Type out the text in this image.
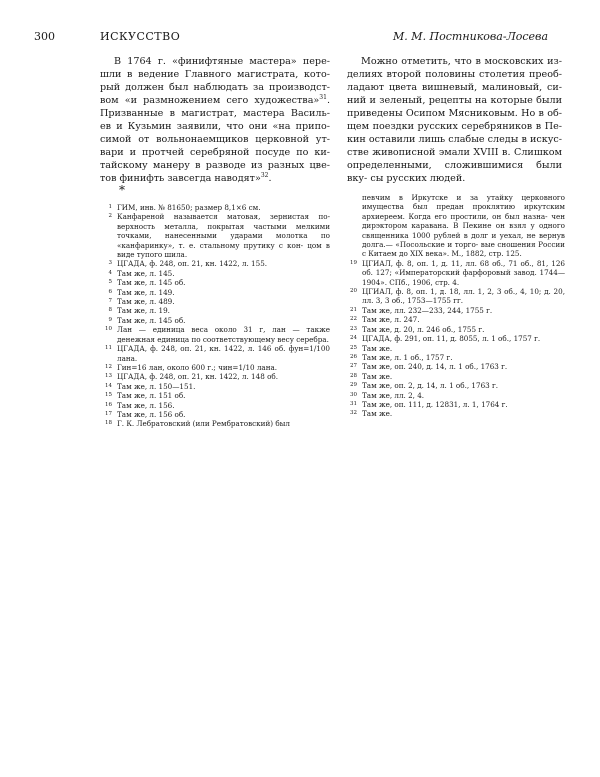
300	ИСКУССТВО	М. М. Постникова-Лосева

В 1764 г. «финифтяные мастера» пере- шли в ведение Главного магистрата, кото- рый должен был наблюдать за производст- вом «и размножением сего художества»$^{31}$. Призванные в магистрат, мастера Василь- ев и Кузьмин заявили, что они «на припо- симой от вольнонаемщиков церковной ут- вари и протчей серебряной посуде по ки- тайскому манеру в разводе из разных цве- тов финифть завсегда наводят»$^{32}$.

Можно отметить, что в московских из- делиях второй половины столетия преоб- ладают цвета вишневый, малиновый, си- ний и зеленый, рецепты на которые были приведены Осипом Мясниковым. Но в об- щем поездки русских серебряников в Пе- кин оставили лишь слабые следы в искус- стве живописной эмали XVIII в. Слишком определенными, сложившимися были вку- сы русских людей.

*
1 ГИМ, инв. № 81650; размер 8,1×6 см.
2 Канфареной называется матовая, зернистая по- верхность металла, покрытая частыми мелкими точками, нанесенными ударами молотка по «канфаринку», т. е. стальному прутику с кон- цом в виде тупого шила.
3 ЦГАДА, ф. 248, оп. 21, кн. 1422, л. 155.
4 Там же, л. 145.
5 Там же, л. 145 об.
6 Там же, л. 149.
7 Там же, л. 489.
8 Там же, л. 19.
9 Там же, л. 145 об.
10 Лан — единица веса около 31 г, лан — также денежная единица по соответствующему весу серебра.
11 ЦГАДА, ф. 248, оп. 21, кн. 1422, л. 146 об. фун=1/100 лана.
12 Гин=16 лан, около 600 г.; чин=1/10 лана.
13 ЦГАДА, ф. 248, оп. 21, кн. 1422, л. 148 об.
14 Там же, л. 150—151.
15 Там же, л. 151 об.
16 Там же, л. 156.
17 Там же, л. 156 об.
18 Г. К. Лебратовский (или Рембратовский) был
певчим в Иркутске и за утайку церковного имущества был предан проклятию иркутским архиереем. Когда его простили, он был назна- чен дирэктором каравана. В Пекине он взял у одного священника 1000 рублей в долг и уехал, не вернув долга.— «Посольские и торго- вые сношения России с Китаем до XIX века». М., 1882, стр. 125.
19 ЦГИАЛ, ф. 8, оп. 1, д. 11, лл. 68 об., 71 об., 81, 126 об. 127; «Императорский фарфоровый завод. 1744—1904». СПб., 1906, стр. 4.
20 ЦГИАЛ, ф. 8, оп. 1, д. 18, лл. 1, 2, 3 об., 4, 10; д. 20, лл. 3, 3 об., 1753—1755 гг.
21 Там же, лл. 232—233, 244, 1755 г.
22 Там же, л. 247.
23 Там же, д. 20, л. 246 об., 1755 г.
24 ЦГАДА, ф. 291, оп. 11, д. 8055, л. 1 об., 1757 г.
25 Там же.
26 Там же, л. 1 об., 1757 г.
27 Там же, оп. 240, д. 14, л. 1 об., 1763 г.
28 Там же.
29 Там же, оп. 2, д. 14, л. 1 об., 1763 г.
30 Там же, лл. 2, 4.
31 Там же, оп. 111, д. 12831, л. 1, 1764 г.
32 Там же.
